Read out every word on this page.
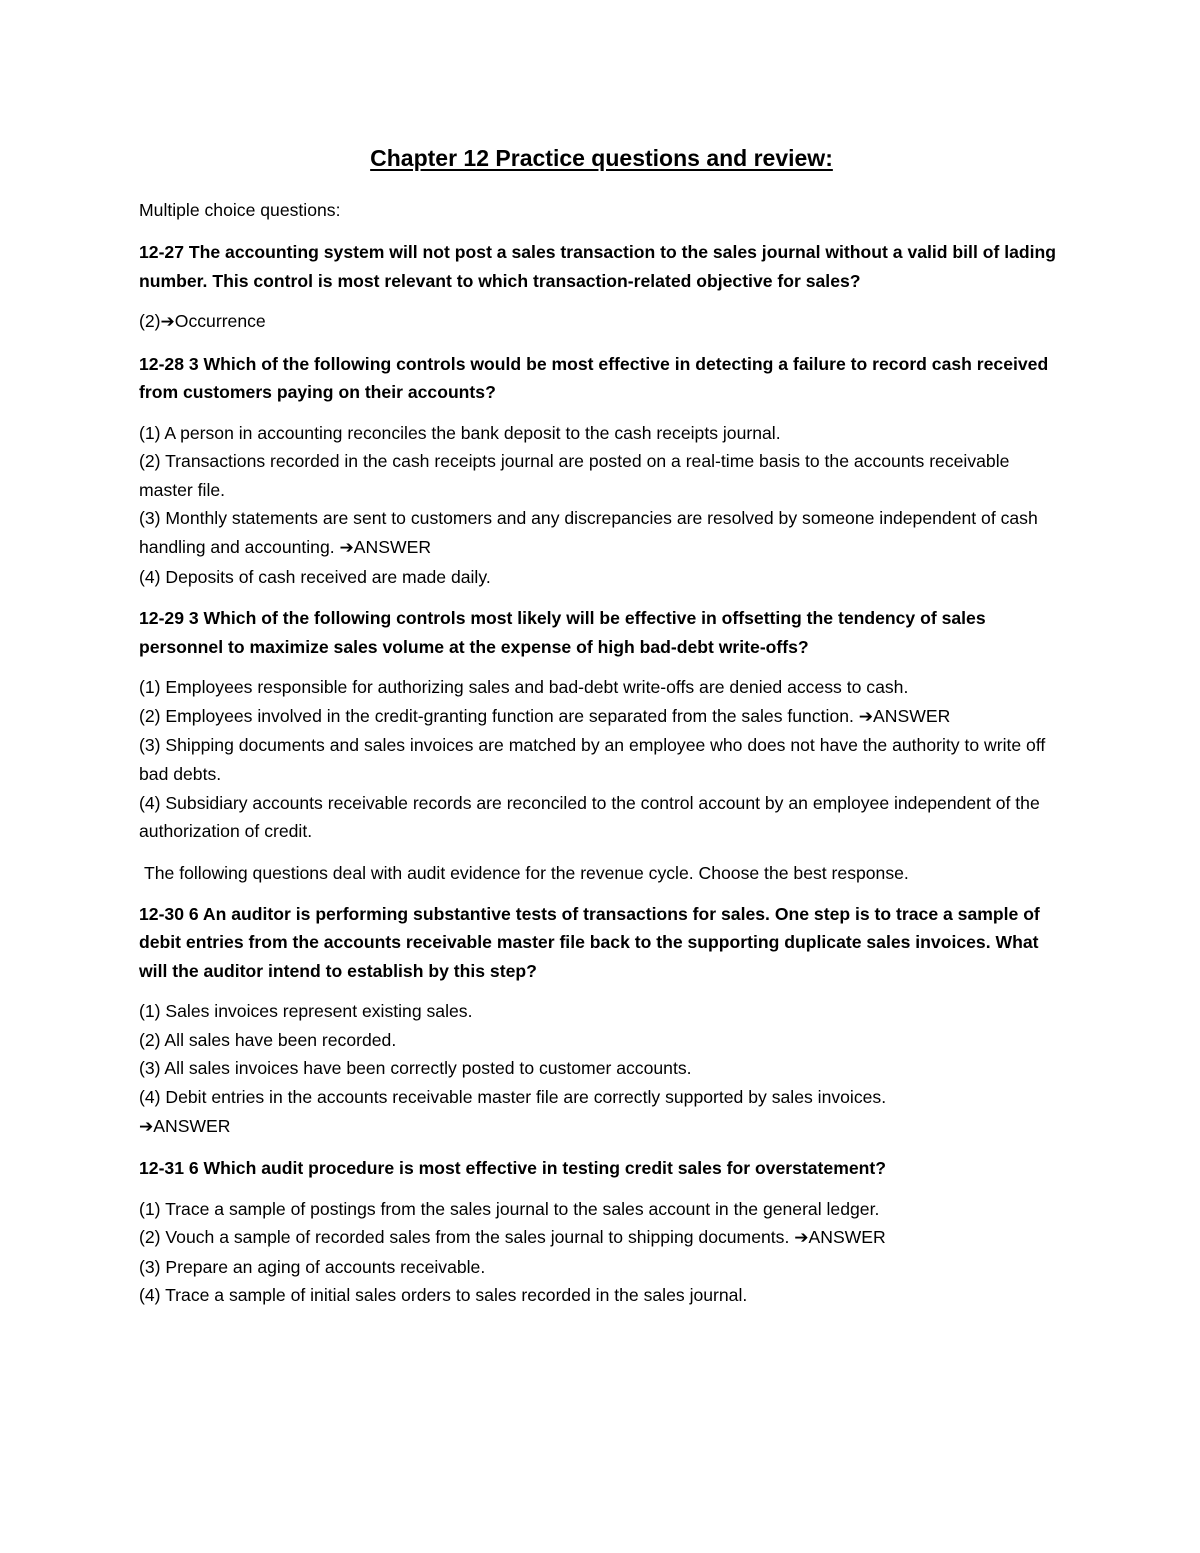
Chapter 12 Practice questions and review:
Multiple choice questions:
12-27 The accounting system will not post a sales transaction to the sales journal without a valid bill of lading number. This control is most relevant to which transaction-related objective for sales?
(2)➔Occurrence
12-28 3 Which of the following controls would be most effective in detecting a failure to record cash received from customers paying on their accounts?
(1) A person in accounting reconciles the bank deposit to the cash receipts journal.
(2) Transactions recorded in the cash receipts journal are posted on a real-time basis to the accounts receivable master file.
(3) Monthly statements are sent to customers and any discrepancies are resolved by someone independent of cash handling and accounting. ➔ANSWER
(4) Deposits of cash received are made daily.
12-29 3 Which of the following controls most likely will be effective in offsetting the tendency of sales personnel to maximize sales volume at the expense of high bad-debt write-offs?
(1) Employees responsible for authorizing sales and bad-debt write-offs are denied access to cash.
(2) Employees involved in the credit-granting function are separated from the sales function. ➔ANSWER
(3) Shipping documents and sales invoices are matched by an employee who does not have the authority to write off bad debts.
(4) Subsidiary accounts receivable records are reconciled to the control account by an employee independent of the authorization of credit.
The following questions deal with audit evidence for the revenue cycle. Choose the best response.
12-30 6 An auditor is performing substantive tests of transactions for sales. One step is to trace a sample of debit entries from the accounts receivable master file back to the supporting duplicate sales invoices. What will the auditor intend to establish by this step?
(1) Sales invoices represent existing sales.
(2) All sales have been recorded.
(3) All sales invoices have been correctly posted to customer accounts.
(4) Debit entries in the accounts receivable master file are correctly supported by sales invoices.
➔ANSWER
12-31 6 Which audit procedure is most effective in testing credit sales for overstatement?
(1) Trace a sample of postings from the sales journal to the sales account in the general ledger.
(2) Vouch a sample of recorded sales from the sales journal to shipping documents. ➔ANSWER
(3) Prepare an aging of accounts receivable.
(4) Trace a sample of initial sales orders to sales recorded in the sales journal.
